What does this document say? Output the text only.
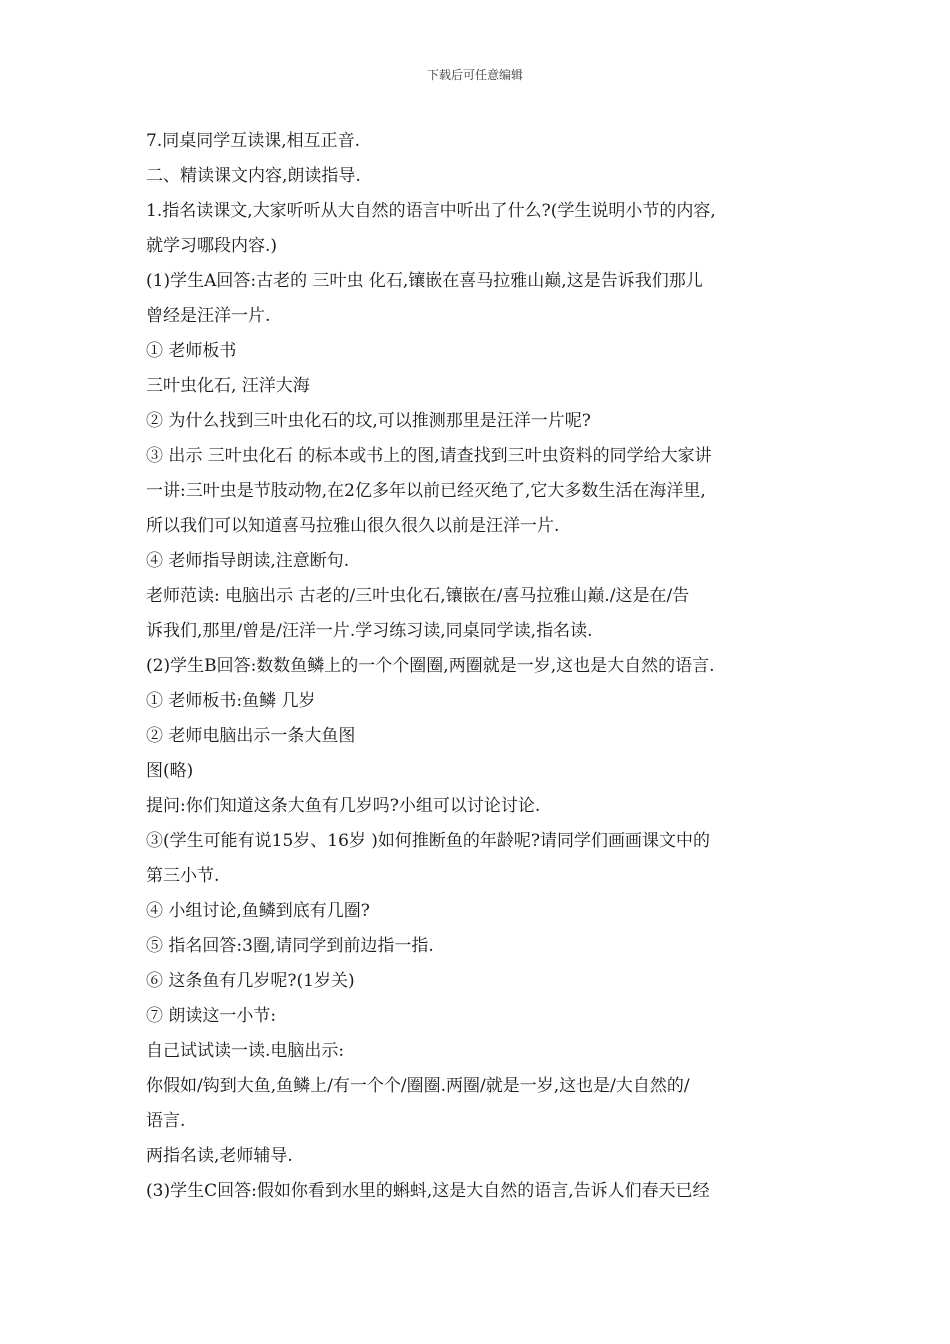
下载后可任意编辑
7.同桌同学互读课,相互正音.
二、精读课文内容,朗读指导.
1.指名读课文,大家听听从大自然的语言中听出了什么?(学生说明小节的内容,
就学习哪段内容.)
(1)学生A回答:古老的 三叶虫 化石,镶嵌在喜马拉雅山巅,这是告诉我们那儿
曾经是汪洋一片.
① 老师板书
三叶虫化石, 汪洋大海
② 为什么找到三叶虫化石的坟,可以推测那里是汪洋一片呢?
③ 出示 三叶虫化石 的标本或书上的图,请查找到三叶虫资料的同学给大家讲
一讲:三叶虫是节肢动物,在2亿多年以前已经灭绝了,它大多数生活在海洋里,
所以我们可以知道喜马拉雅山很久很久以前是汪洋一片.
④ 老师指导朗读,注意断句.
老师范读: 电脑出示 古老的/三叶虫化石,镶嵌在/喜马拉雅山巅./这是在/告
诉我们,那里/曾是/汪洋一片.学习练习读,同桌同学读,指名读.
(2)学生B回答:数数鱼鳞上的一个个圈圈,两圈就是一岁,这也是大自然的语言.
① 老师板书:鱼鳞 几岁
② 老师电脑出示一条大鱼图
图(略)
提问:你们知道这条大鱼有几岁吗?小组可以讨论讨论.
③(学生可能有说15岁、16岁 )如何推断鱼的年龄呢?请同学们画画课文中的
第三小节.
④ 小组讨论,鱼鳞到底有几圈?
⑤ 指名回答:3圈,请同学到前边指一指.
⑥ 这条鱼有几岁呢?(1岁关)
⑦ 朗读这一小节:
自己试试读一读.电脑出示:
你假如/钩到大鱼,鱼鳞上/有一个个/圈圈.两圈/就是一岁,这也是/大自然的/
语言.
两指名读,老师辅导.
(3)学生C回答:假如你看到水里的蝌蚪,这是大自然的语言,告诉人们春天已经
